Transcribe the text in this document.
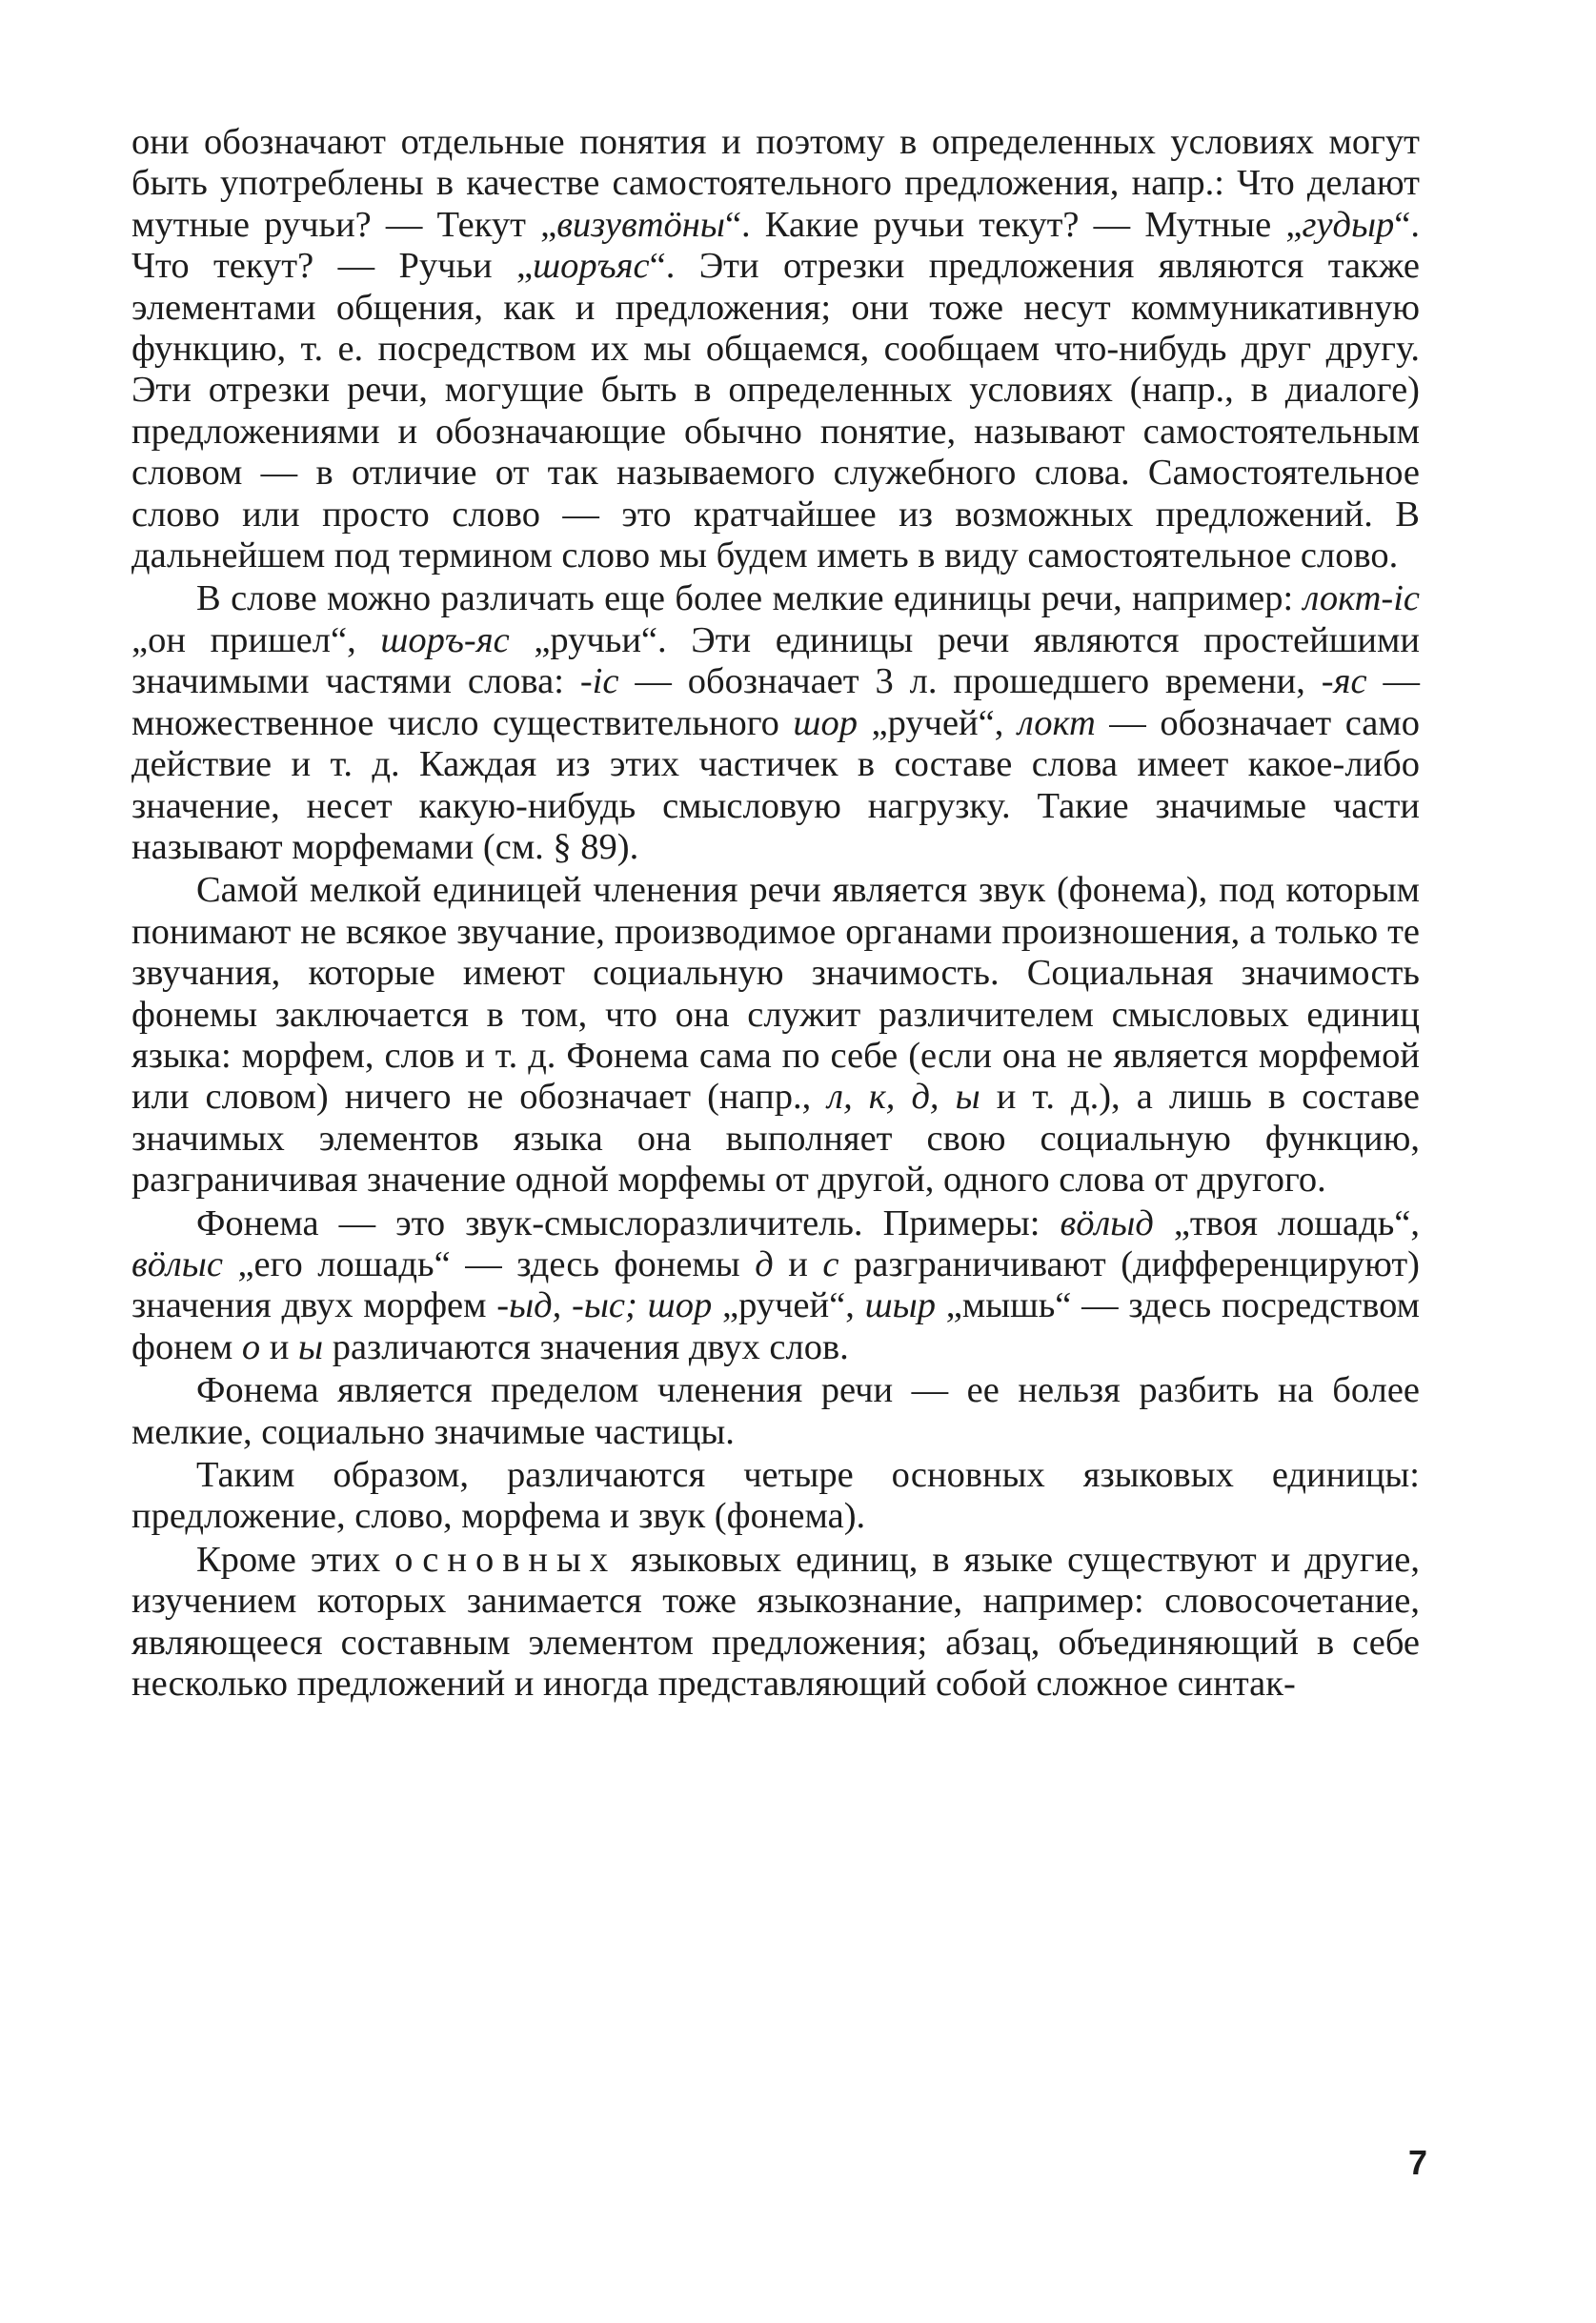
они обозначают отдельные понятия и поэтому в определенных условиях могут быть употреблены в качестве самостоятельного предложения, напр.: Что делают мутные ручьи? — Текут „визувтöны“. Какие ручьи текут? — Мутные „гудыр“. Что текут? — Ручьи „шоръяс“. Эти отрезки предложения являются также элементами общения, как и предложения; они тоже несут коммуникативную функцию, т. е. посредством их мы общаемся, сообщаем что-нибудь друг другу. Эти отрезки речи, могущие быть в определенных условиях (напр., в диалоге) предложениями и обозначающие обычно понятие, называют самостоятельным словом — в отличие от так называемого служебного слова. Самостоятельное слово или просто слово — это кратчайшее из возможных предложений. В дальнейшем под термином слово мы будем иметь в виду самостоятельное слово.

В слове можно различать еще более мелкие единицы речи, например: локт-ic „он пришел“, шоръ-яс „ручьи“. Эти единицы речи являются простейшими значимыми частями слова: -ic — обозначает 3 л. прошедшего времени, -яс — множественное число существительного шор „ручей“, локт — обозначает само действие и т. д. Каждая из этих частичек в составе слова имеет какое-либо значение, несет какую-нибудь смысловую нагрузку. Такие значимые части называют морфемами (см. § 89).

Самой мелкой единицей членения речи является звук (фонема), под которым понимают не всякое звучание, производимое органами произношения, а только те звучания, которые имеют социальную значимость. Социальная значимость фонемы заключается в том, что она служит различителем смысловых единиц языка: морфем, слов и т. д. Фонема сама по себе (если она не является морфемой или словом) ничего не обозначает (напр., л, к, д, ы и т. д.), а лишь в составе значимых элементов языка она выполняет свою социальную функцию, разграничивая значение одной морфемы от другой, одного слова от другого.

Фонема — это звук-смыслоразличитель. Примеры: вöлыд „твоя лошадь“, вöлыс „его лошадь“ — здесь фонемы д и с разграничивают (дифференцируют) значения двух морфем -ыд, -ыс; шор „ручей“, шыр „мышь“ — здесь посредством фонем о и ы различаются значения двух слов.

Фонема является пределом членения речи — ее нельзя разбить на более мелкие, социально значимые частицы.

Таким образом, различаются четыре основных языковых единицы: предложение, слово, морфема и звук (фонема).

Кроме этих основных языковых единиц, в языке существуют и другие, изучением которых занимается тоже языкознание, например: словосочетание, являющееся составным элементом предложения; абзац, объединяющий в себе несколько предложений и иногда представляющий собой сложное синтак-

7
